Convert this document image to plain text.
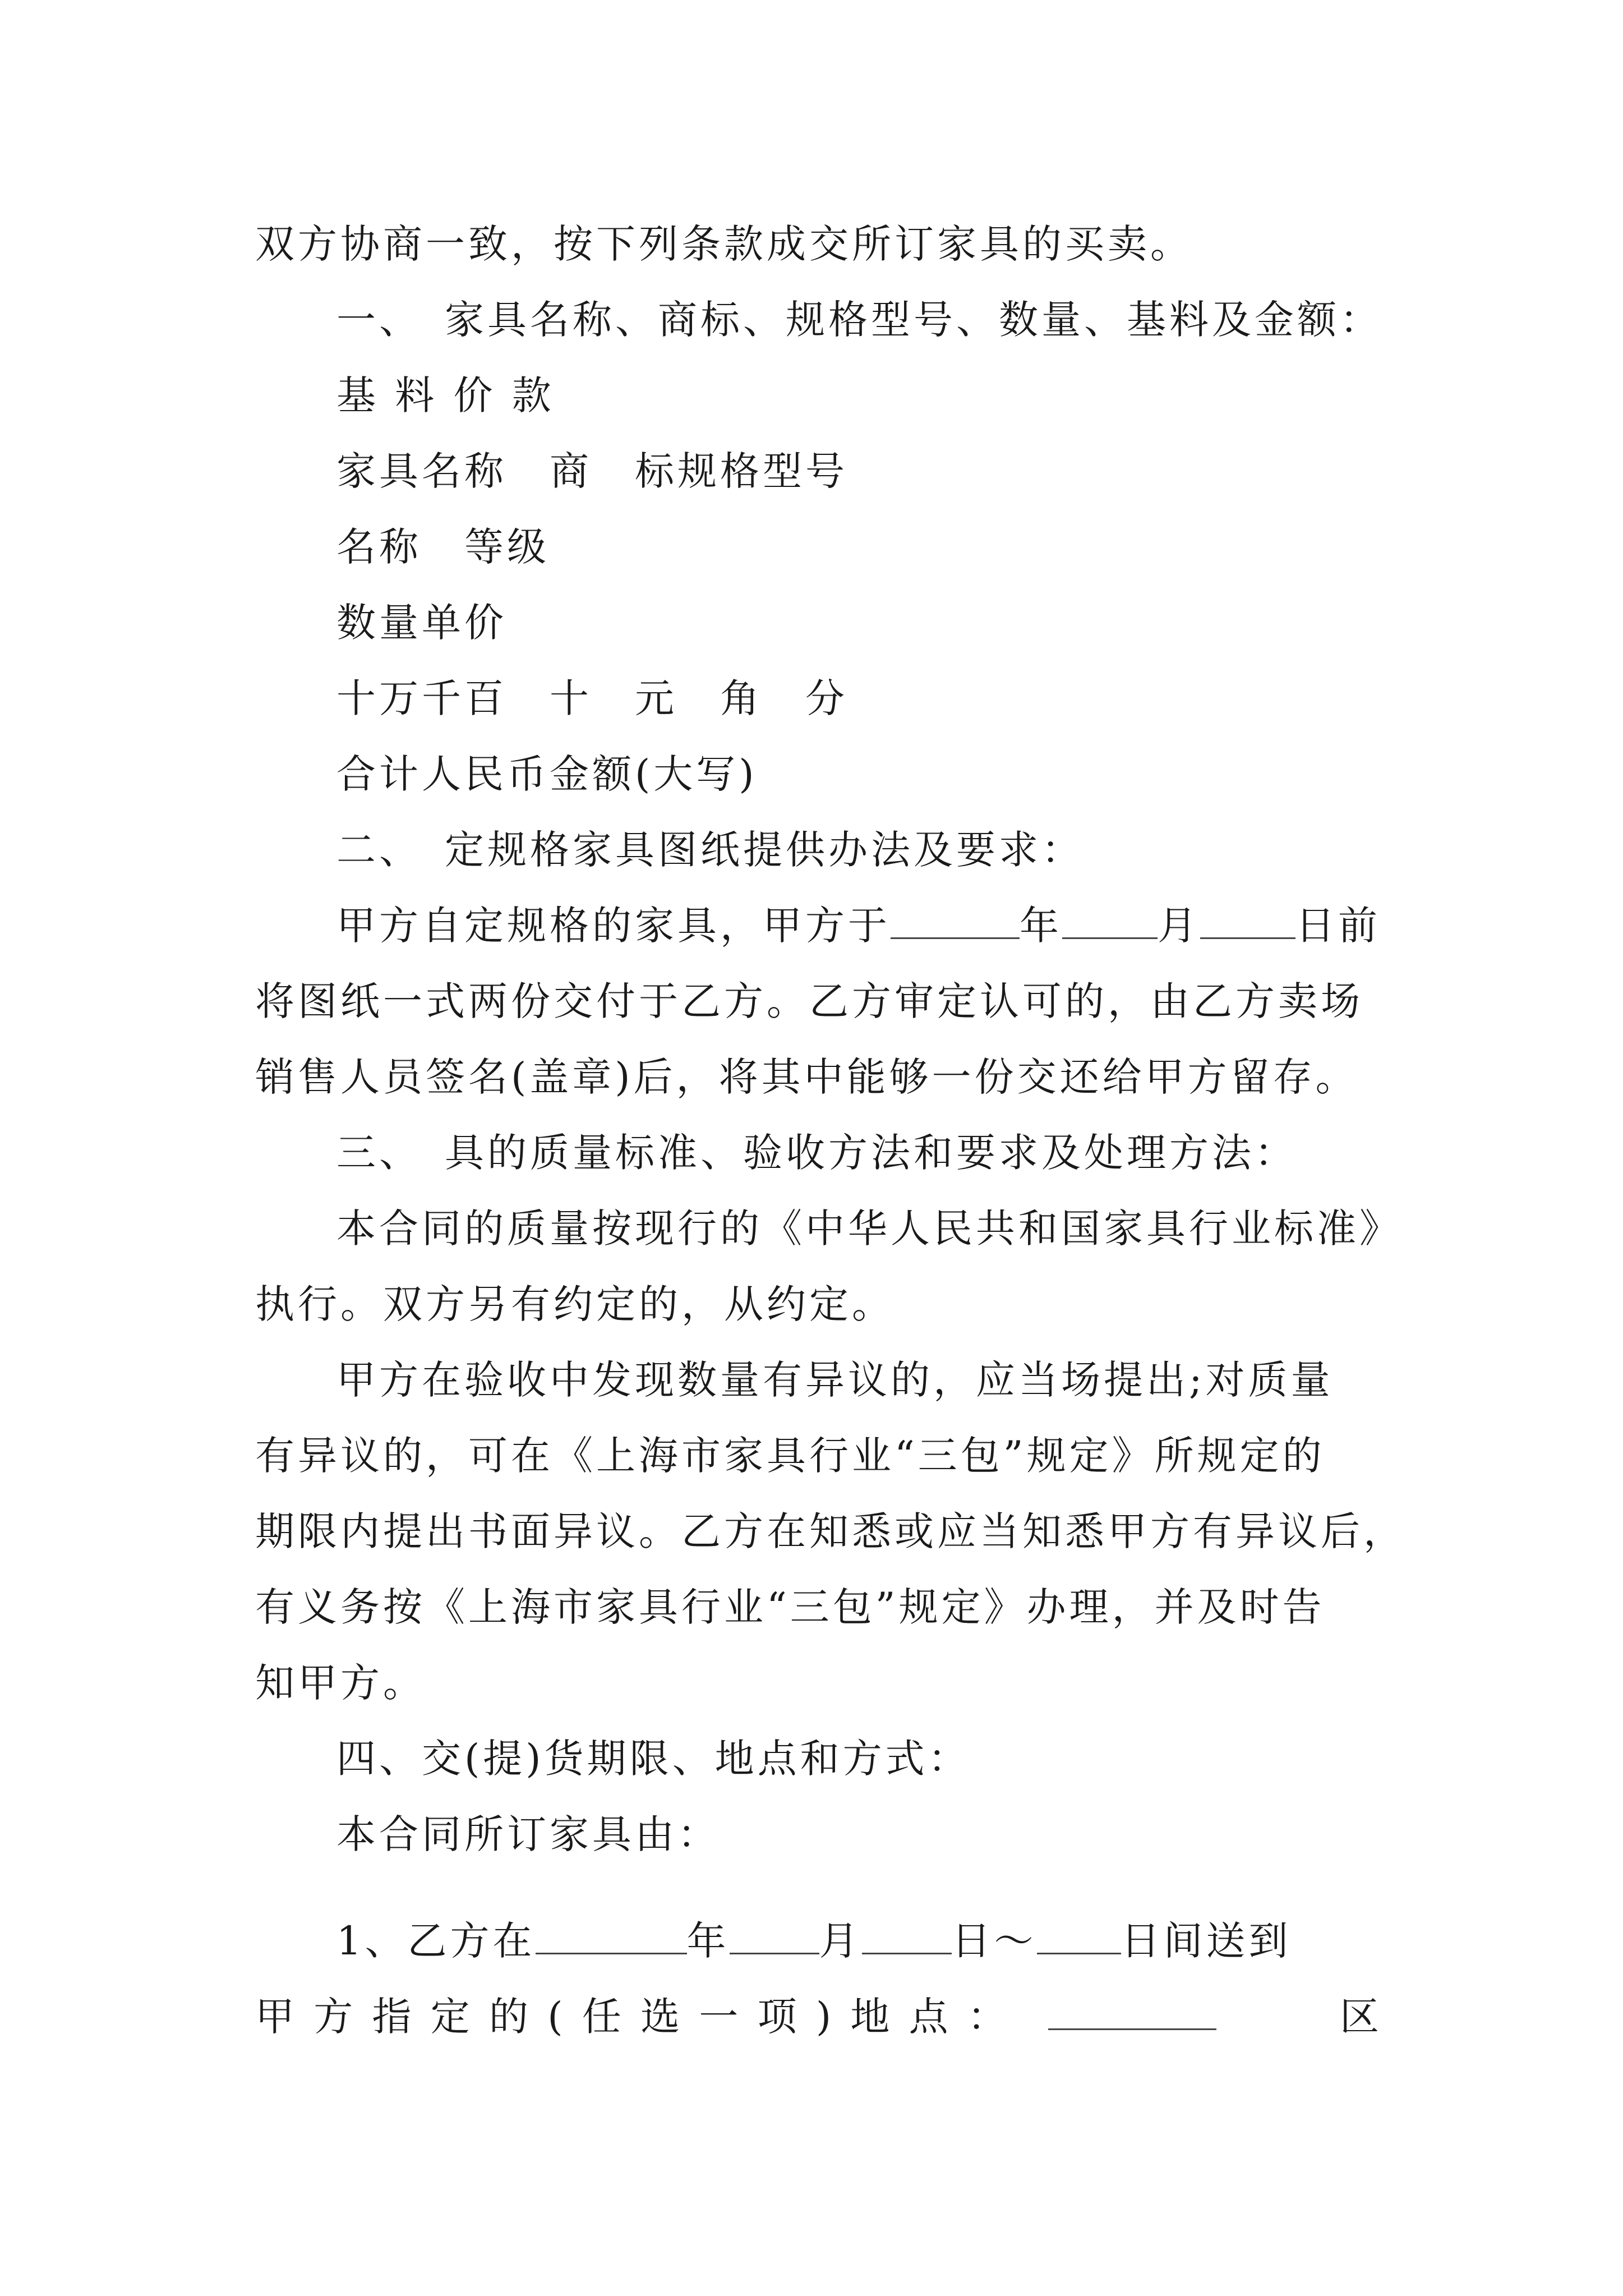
双方协商一致，按下列条款成交所订家具的买卖。
一、　家具名称、商标、规格型号、数量、基料及金额：
基 料 价 款
家具名称　商　标规格型号
名称　等级
数量单价
十万千百　十　元　角　分
合计人民币金额(大写)
二、　定规格家具图纸提供办法及要求：
甲方自定规格的家具，甲方于	年 月 日前
将图纸一式两份交付于乙方。乙方审定认可的，由乙方卖场
销售人员签名(盖章)后，将其中能够一份交还给甲方留存。
三、　具的质量标准、验收方法和要求及处理方法：
本合同的质量按现行的《中华人民共和国家具行业标准》
执行。双方另有约定的，从约定。
甲方在验收中发现数量有异议的，应当场提出;对质量
有异议的，可在《上海市家具行业“三包”规定》所规定的
期限内提出书面异议。乙方在知悉或应当知悉甲方有异议后，
有义务按《上海市家具行业“三包”规定》办理，并及时告
知甲方。
四、交(提)货期限、地点和方式：
本合同所订家具由：
1、乙方在	年 月 日～ 日间送到
甲 方 指 定 的 ( 任 选 一 项 ) 地 点 ：	区
